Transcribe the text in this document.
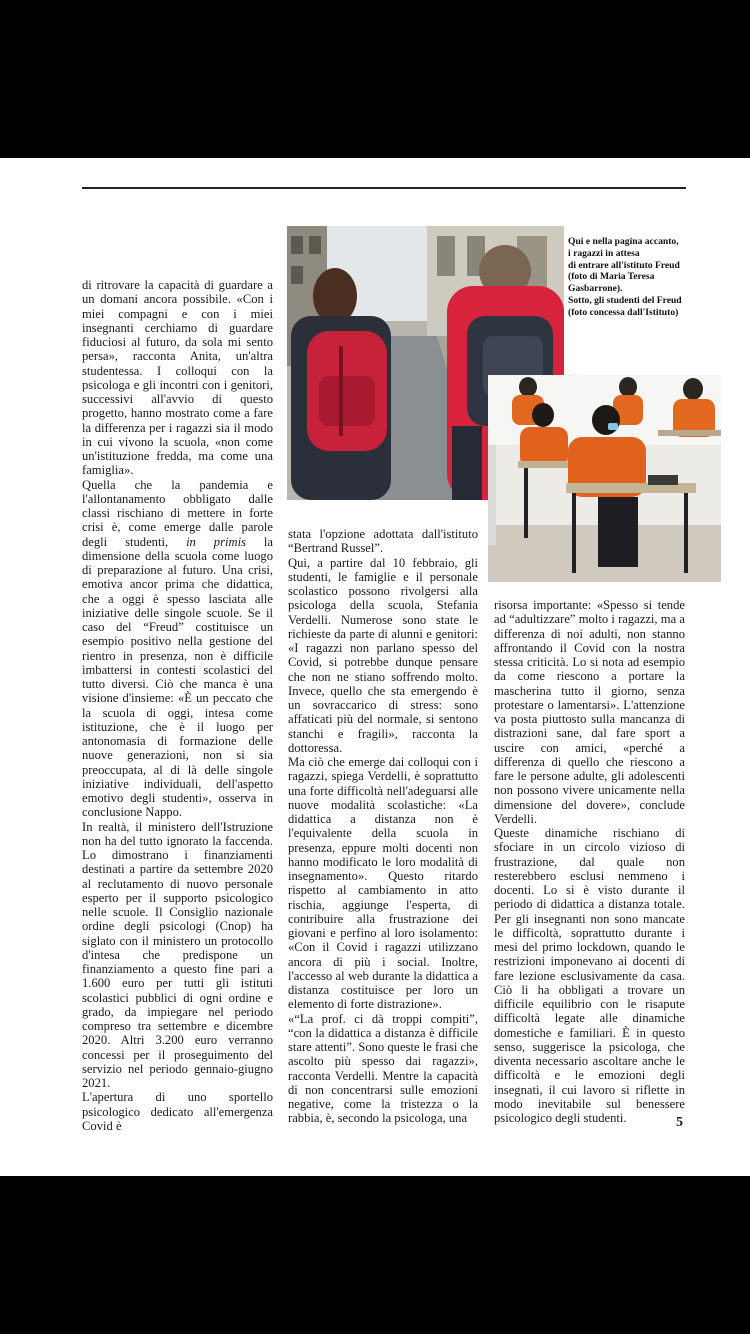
Qui e nella pagina accanto,
i ragazzi in attesa
di entrare all'istituto Freud
(foto di Maria Teresa Gasbarrone).
Sotto, gli studenti del Freud
(foto concessa dall'Istituto)

di ritrovare la capacità di guardare a un domani ancora possibile. «Con i miei compagni e con i miei insegnanti cerchiamo di guardare fiduciosi al futuro, da sola mi sento persa», racconta Anita, un'altra studentessa. I colloqui con la psicologa e gli incontri con i genitori, successivi all'avvio di questo progetto, hanno mostrato come a fare la differenza per i ragazzi sia il modo in cui vivono la scuola, «non come un'istituzione fredda, ma come una famiglia».

Quella che la pandemia e l'allontanamento obbligato dalle classi rischiano di mettere in forte crisi è, come emerge dalle parole degli studenti, in primis la dimensione della scuola come luogo di preparazione al futuro. Una crisi, emotiva ancor prima che didattica, che a oggi è spesso lasciata alle iniziative delle singole scuole. Se il caso del “Freud” costituisce un esempio positivo nella gestione del rientro in presenza, non è difficile imbattersi in contesti scolastici del tutto diversi. Ciò che manca è una visione d'insieme: «È un peccato che la scuola di oggi, intesa come istituzione, che è il luogo per antonomasia di formazione delle nuove generazioni, non si sia preoccupata, al di là delle singole iniziative individuali, dell'aspetto emotivo degli studenti», osserva in conclusione Nappo.

In realtà, il ministero dell'Istruzione non ha del tutto ignorato la faccenda. Lo dimostrano i finanziamenti destinati a partire da settembre 2020 al reclutamento di nuovo personale esperto per il supporto psicologico nelle scuole. Il Consiglio nazionale ordine degli psicologi (Cnop) ha siglato con il ministero un protocollo d'intesa che predispone un finanziamento a questo fine pari a 1.600 euro per tutti gli istituti scolastici pubblici di ogni ordine e grado, da impiegare nel periodo compreso tra settembre e dicembre 2020. Altri 3.200 euro verranno concessi per il proseguimento del servizio nel periodo gennaio-giugno 2021.

L'apertura di uno sportello psicologico dedicato all'emergenza Covid è

stata l'opzione adottata dall'istituto “Bertrand Russel”.

Qui, a partire dal 10 febbraio, gli studenti, le famiglie e il personale scolastico possono rivolgersi alla psicologa della scuola, Stefania Verdelli. Numerose sono state le richieste da parte di alunni e genitori: «I ragazzi non parlano spesso del Covid, si potrebbe dunque pensare che non ne stiano soffrendo molto. Invece, quello che sta emergendo è un sovraccarico di stress: sono affaticati più del normale, si sentono stanchi e fragili», racconta la dottoressa.

Ma ciò che emerge dai colloqui con i ragazzi, spiega Verdelli, è soprattutto una forte difficoltà nell'adeguarsi alle nuove modalità scolastiche: «La didattica a distanza non è l'equivalente della scuola in presenza, eppure molti docenti non hanno modificato le loro modalità di insegnamento». Questo ritardo rispetto al cambiamento in atto rischia, aggiunge l'esperta, di contribuire alla frustrazione dei giovani e perfino al loro isolamento: «Con il Covid i ragazzi utilizzano ancora di più i social. Inoltre, l'accesso al web durante la didattica a distanza costituisce per loro un elemento di forte distrazione».

«“La prof. ci dà troppi compiti”, “con la didattica a distanza è difficile stare attenti”. Sono queste le frasi che ascolto più spesso dai ragazzi», racconta Verdelli. Mentre la capacità di non concentrarsi sulle emozioni negative, come la tristezza o la rabbia, è, secondo la psicologa, una

risorsa importante: «Spesso si tende ad “adultizzare” molto i ragazzi, ma a differenza di noi adulti, non stanno affrontando il Covid con la nostra stessa criticità. Lo si nota ad esempio da come riescono a portare la mascherina tutto il giorno, senza protestare o lamentarsi». L'attenzione va posta piuttosto sulla mancanza di distrazioni sane, dal fare sport a uscire con amici, «perché a differenza di quello che riescono a fare le persone adulte, gli adolescenti non possono vivere unicamente nella dimensione del dovere», conclude Verdelli.

Queste dinamiche rischiano di sfociare in un circolo vizioso di frustrazione, dal quale non resterebbero esclusi nemmeno i docenti. Lo si è visto durante il periodo di didattica a distanza totale. Per gli insegnanti non sono mancate le difficoltà, soprattutto durante i mesi del primo lockdown, quando le restrizioni imponevano ai docenti di fare lezione esclusivamente da casa. Ciò li ha obbligati a trovare un difficile equilibrio con le risapute difficoltà legate alle dinamiche domestiche e familiari. È in questo senso, suggerisce la psicologa, che diventa necessario ascoltare anche le difficoltà e le emozioni degli insegnati, il cui lavoro si riflette in modo inevitabile sul benessere psicologico degli studenti.	5
